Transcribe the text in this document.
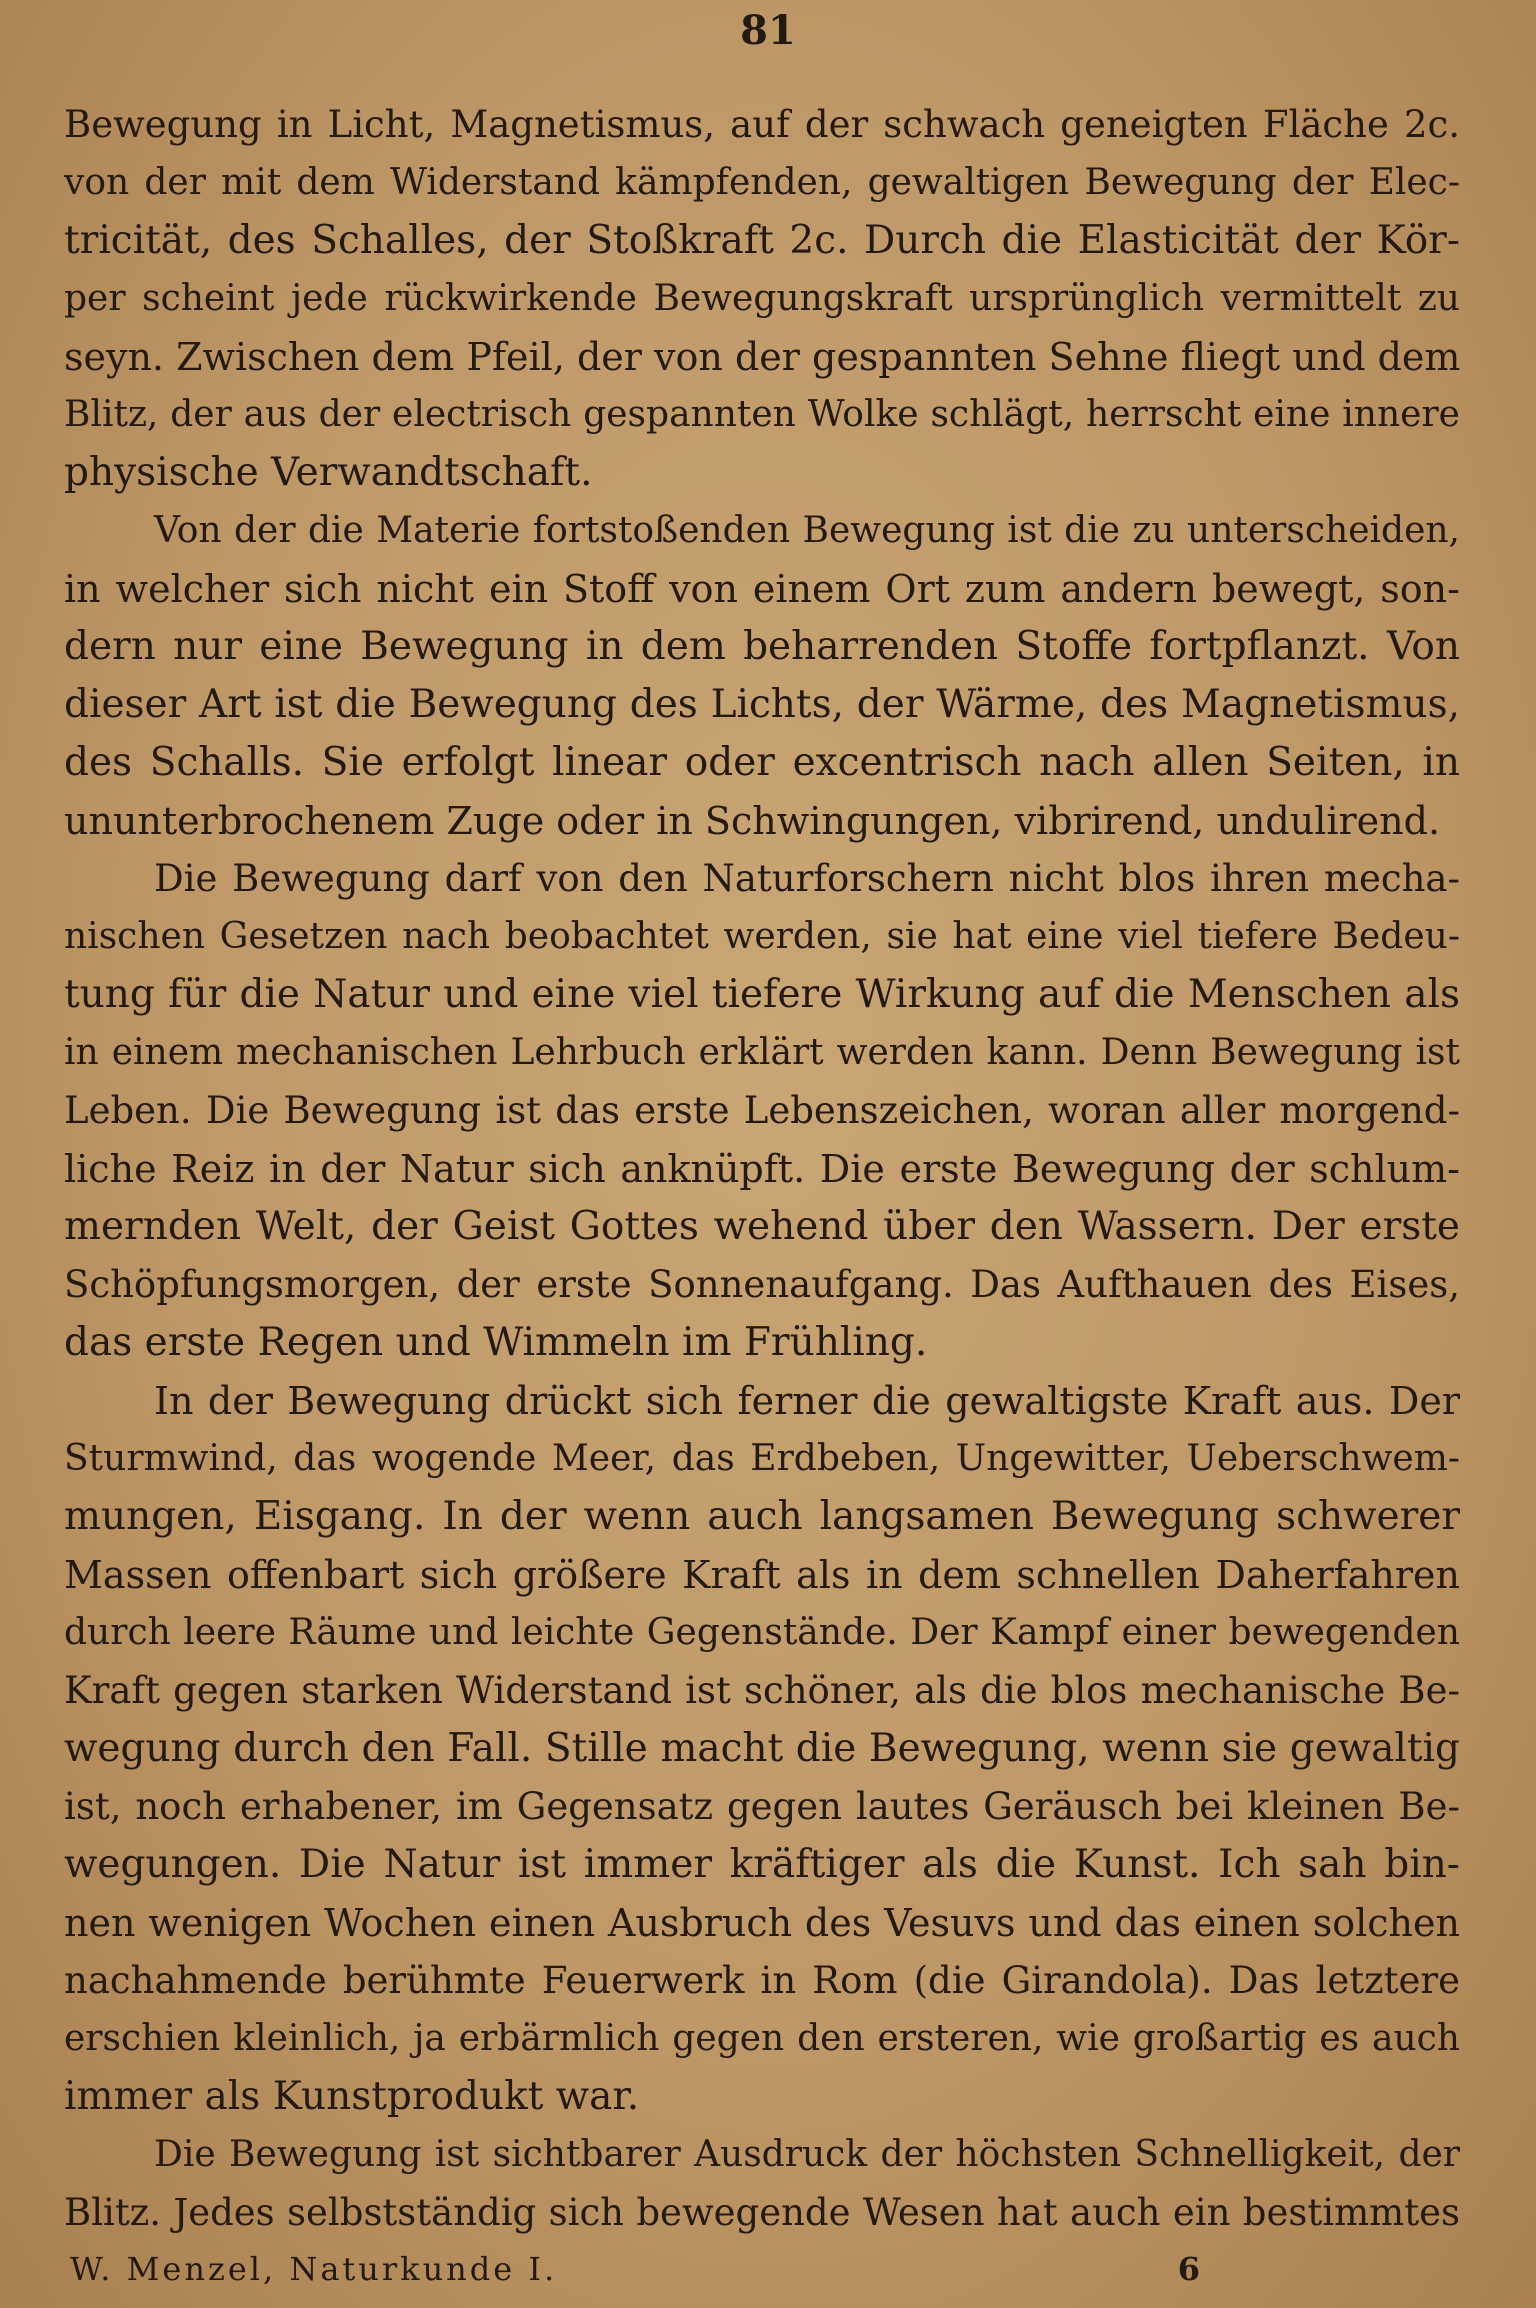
81
Bewegung in Licht, Magnetismus, auf der schwach geneigten Fläche 2c.
von der mit dem Widerstand kämpfenden, gewaltigen Bewegung der Elec-
tricität, des Schalles, der Stoßkraft 2c. Durch die Elasticität der Kör-
per scheint jede rückwirkende Bewegungskraft ursprünglich vermittelt zu
seyn. Zwischen dem Pfeil, der von der gespannten Sehne fliegt und dem
Blitz, der aus der electrisch gespannten Wolke schlägt, herrscht eine innere
physische Verwandtschaft.
Von der die Materie fortstoßenden Bewegung ist die zu unterscheiden,
in welcher sich nicht ein Stoff von einem Ort zum andern bewegt, son-
dern nur eine Bewegung in dem beharrenden Stoffe fortpflanzt. Von
dieser Art ist die Bewegung des Lichts, der Wärme, des Magnetismus,
des Schalls. Sie erfolgt linear oder excentrisch nach allen Seiten, in
ununterbrochenem Zuge oder in Schwingungen, vibrirend, undulirend.
Die Bewegung darf von den Naturforschern nicht blos ihren mecha-
nischen Gesetzen nach beobachtet werden, sie hat eine viel tiefere Bedeu-
tung für die Natur und eine viel tiefere Wirkung auf die Menschen als
in einem mechanischen Lehrbuch erklärt werden kann. Denn Bewegung ist
Leben. Die Bewegung ist das erste Lebenszeichen, woran aller morgend-
liche Reiz in der Natur sich anknüpft. Die erste Bewegung der schlum-
mernden Welt, der Geist Gottes wehend über den Wassern. Der erste
Schöpfungsmorgen, der erste Sonnenaufgang. Das Aufthauen des Eises,
das erste Regen und Wimmeln im Frühling.
In der Bewegung drückt sich ferner die gewaltigste Kraft aus. Der
Sturmwind, das wogende Meer, das Erdbeben, Ungewitter, Ueberschwem-
mungen, Eisgang. In der wenn auch langsamen Bewegung schwerer
Massen offenbart sich größere Kraft als in dem schnellen Daherfahren
durch leere Räume und leichte Gegenstände. Der Kampf einer bewegenden
Kraft gegen starken Widerstand ist schöner, als die blos mechanische Be-
wegung durch den Fall. Stille macht die Bewegung, wenn sie gewaltig
ist, noch erhabener, im Gegensatz gegen lautes Geräusch bei kleinen Be-
wegungen. Die Natur ist immer kräftiger als die Kunst. Ich sah bin-
nen wenigen Wochen einen Ausbruch des Vesuvs und das einen solchen
nachahmende berühmte Feuerwerk in Rom (die Girandola). Das letztere
erschien kleinlich, ja erbärmlich gegen den ersteren, wie großartig es auch
immer als Kunstprodukt war.
Die Bewegung ist sichtbarer Ausdruck der höchsten Schnelligkeit, der
Blitz. Jedes selbstständig sich bewegende Wesen hat auch ein bestimmtes
W. Menzel, Naturkunde I.	6
